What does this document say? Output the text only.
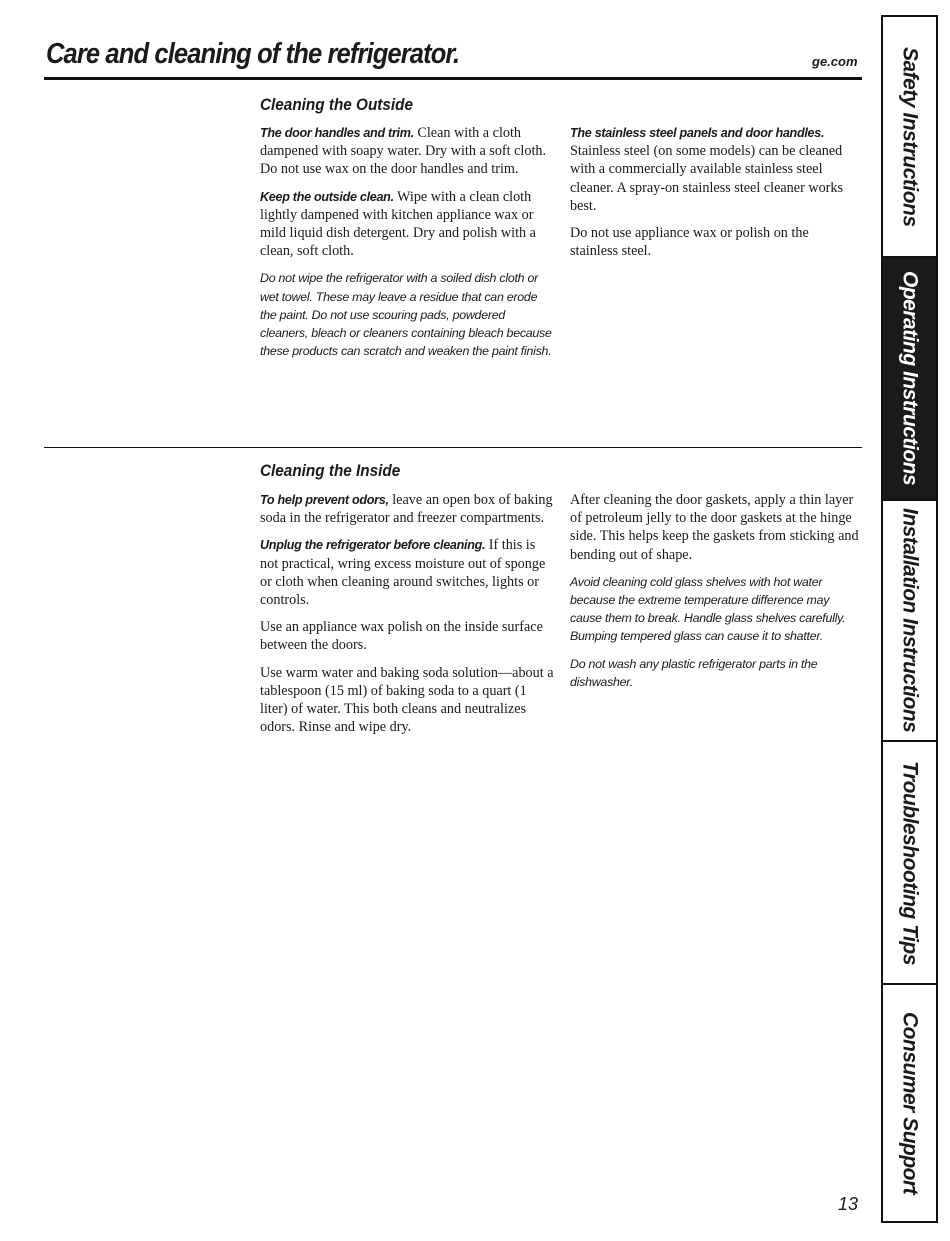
Care and cleaning of the refrigerator.	ge.com
Cleaning the Outside

The door handles and trim. Clean with a cloth dampened with soapy water. Dry with a soft cloth. Do not use wax on the door handles and trim.

Keep the outside clean. Wipe with a clean cloth lightly dampened with kitchen appliance wax or mild liquid dish detergent. Dry and polish with a clean, soft cloth.

Do not wipe the refrigerator with a soiled dish cloth or wet towel. These may leave a residue that can erode the paint. Do not use scouring pads, powdered cleaners, bleach or cleaners containing bleach because these products can scratch and weaken the paint finish.

The stainless steel panels and door handles. Stainless steel (on some models) can be cleaned with a commercially available stainless steel cleaner. A spray-on stainless steel cleaner works best.

Do not use appliance wax or polish on the stainless steel.

Cleaning the Inside

To help prevent odors, leave an open box of baking soda in the refrigerator and freezer compartments.

Unplug the refrigerator before cleaning. If this is not practical, wring excess moisture out of sponge or cloth when cleaning around switches, lights or controls.

Use an appliance wax polish on the inside surface between the doors.

Use warm water and baking soda solution—about a tablespoon (15 ml) of baking soda to a quart (1 liter) of water. This both cleans and neutralizes odors. Rinse and wipe dry.

After cleaning the door gaskets, apply a thin layer of petroleum jelly to the door gaskets at the hinge side. This helps keep the gaskets from sticking and bending out of shape.

Avoid cleaning cold glass shelves with hot water because the extreme temperature difference may cause them to break. Handle glass shelves carefully. Bumping tempered glass can cause it to shatter.

Do not wash any plastic refrigerator parts in the dishwasher.

Safety Instructions
Operating Instructions
Installation Instructions
Troubleshooting Tips
Consumer Support
13
